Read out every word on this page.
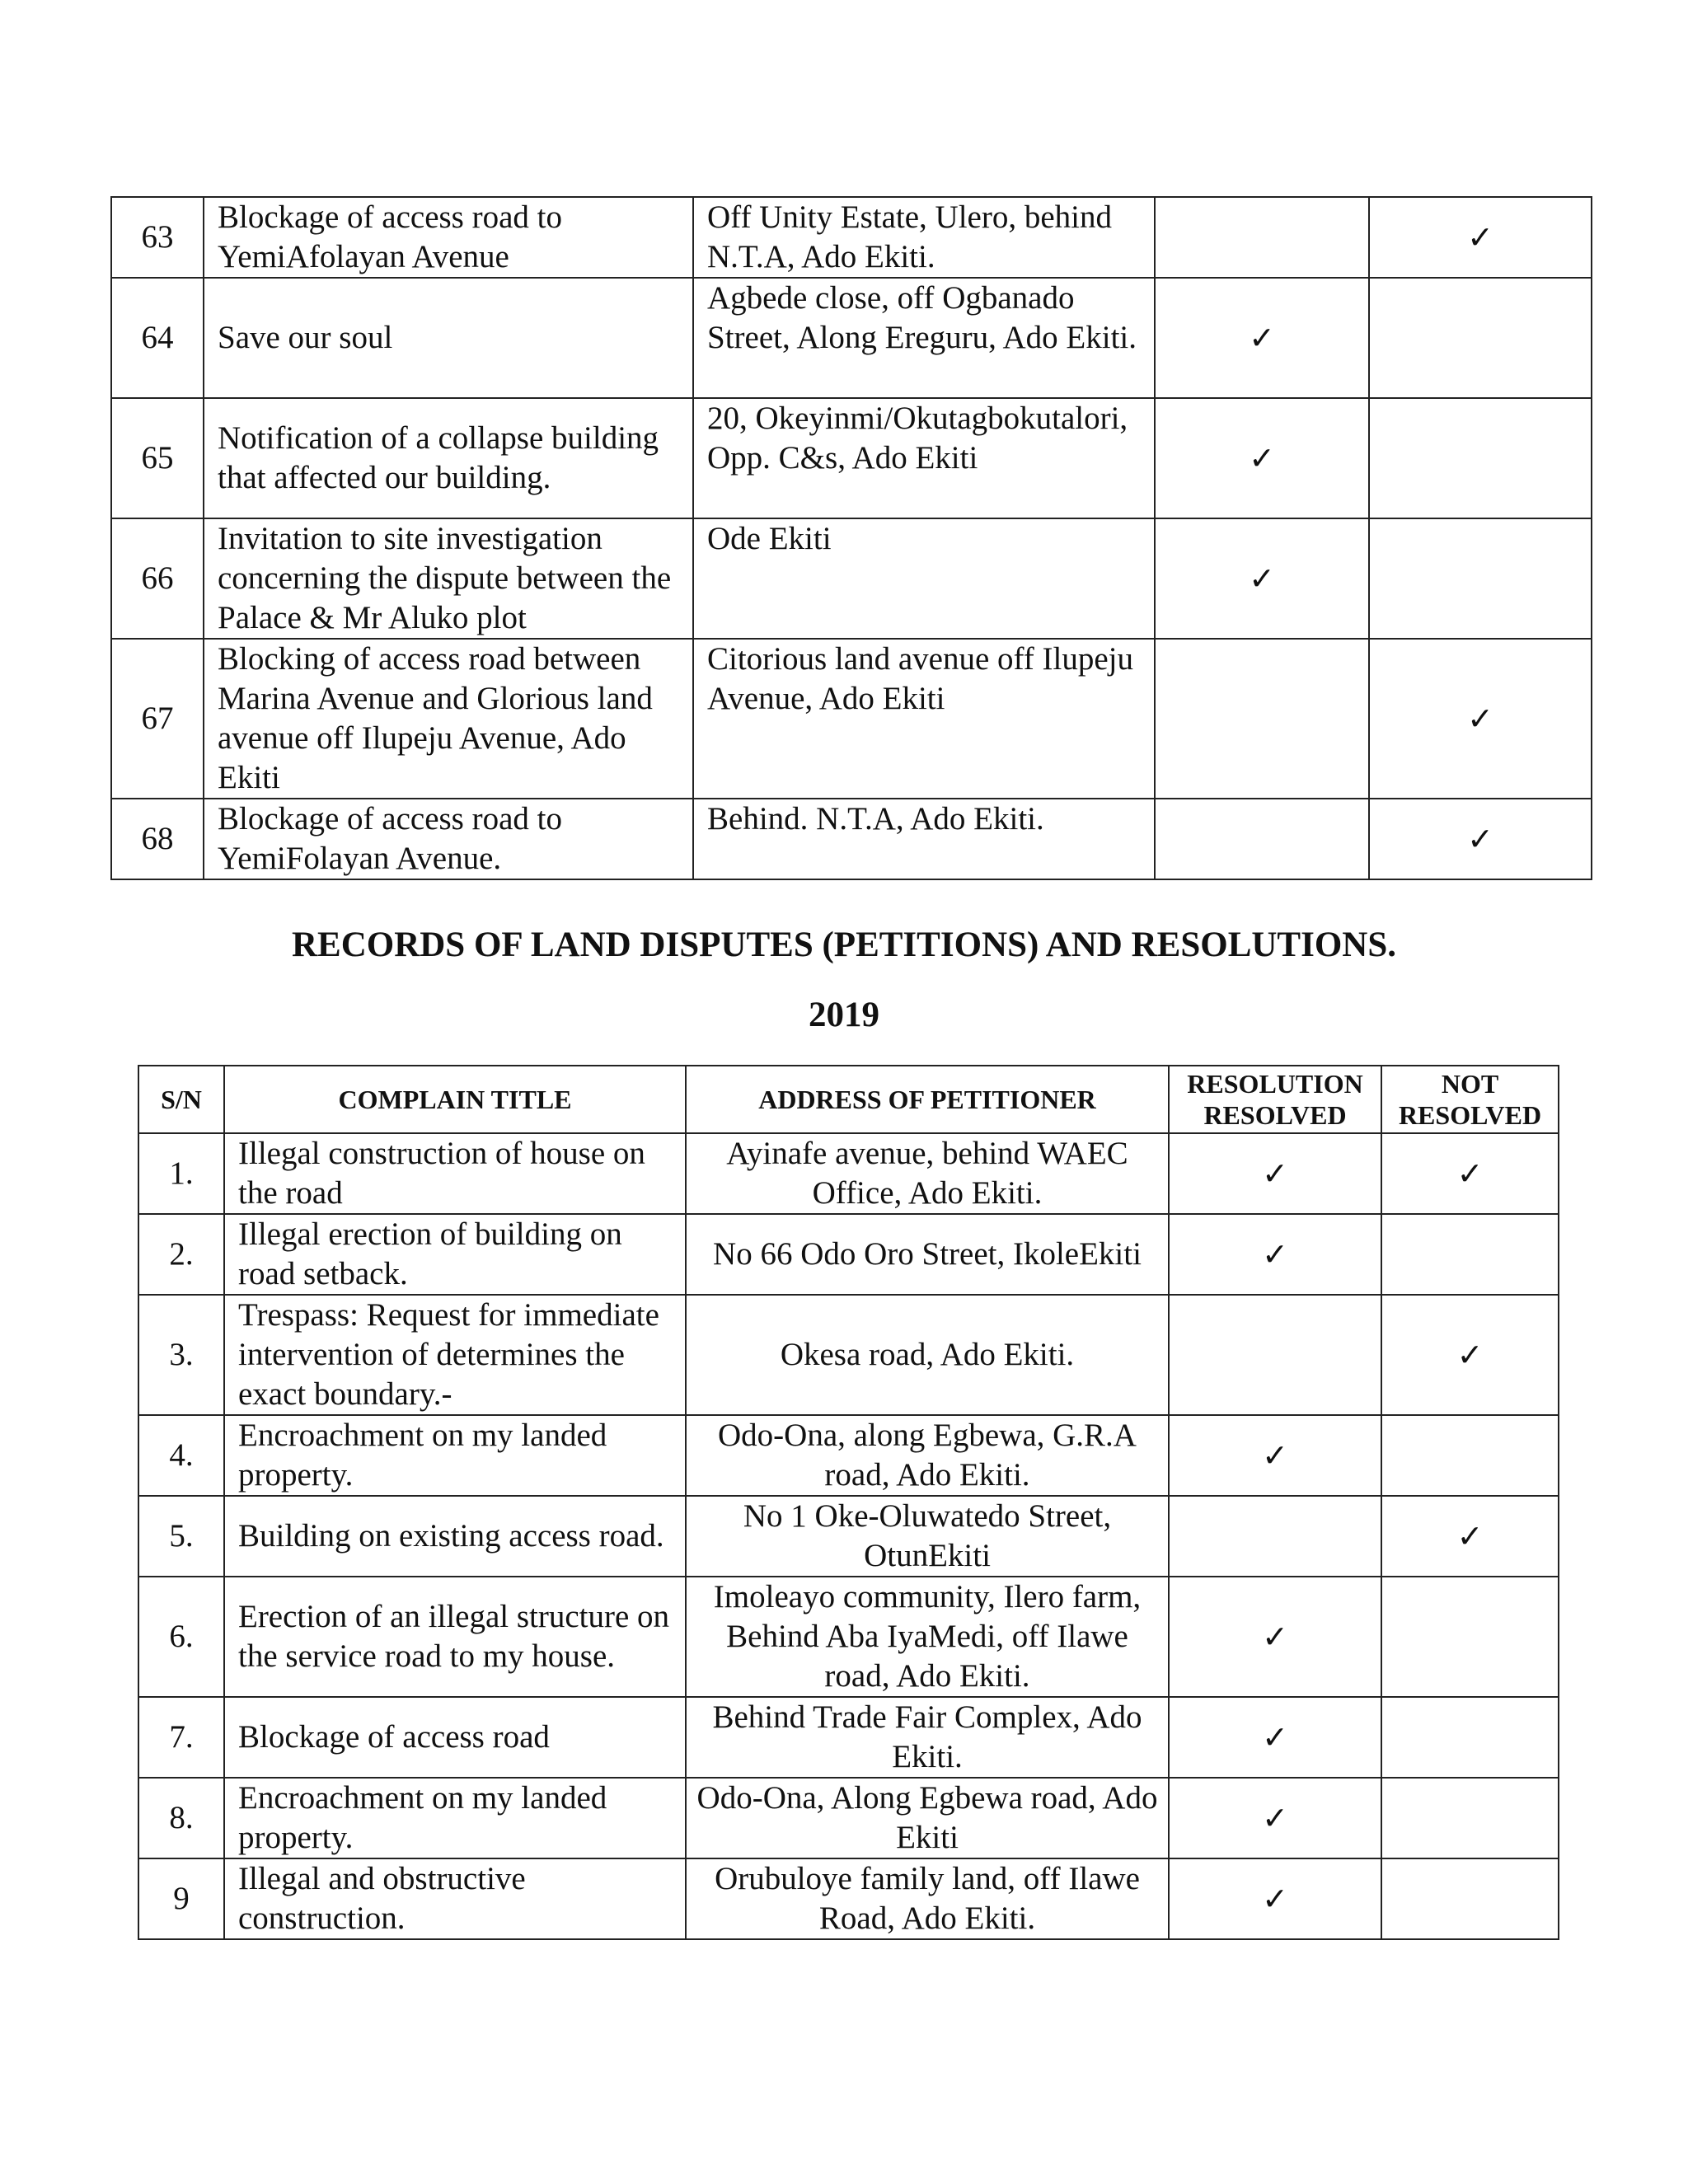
63	Blockage of access road to YemiAfolayan Avenue	Off Unity Estate, Ulero, behind N.T.A, Ado Ekiti.		✓
64	Save our soul	Agbede close, off Ogbanado Street, Along Ereguru, Ado Ekiti.	✓	
65	Notification of a collapse building that affected our building.	20, Okeyinmi/Okutagbokutalori, Opp. C&s, Ado Ekiti	✓	
66	Invitation to site investigation concerning the dispute between the Palace & Mr Aluko plot	Ode Ekiti	✓	
67	Blocking of access road between Marina Avenue and Glorious land avenue off Ilupeju Avenue, Ado Ekiti	Citorious land avenue off Ilupeju Avenue, Ado Ekiti		✓
68	Blockage of access road to YemiFolayan Avenue.	Behind. N.T.A, Ado Ekiti.		✓
RECORDS OF LAND DISPUTES (PETITIONS) AND RESOLUTIONS.
2019
S/N	COMPLAIN TITLE	ADDRESS OF PETITIONER	RESOLUTION RESOLVED	NOT RESOLVED
1.	Illegal construction of house on the road	Ayinafe avenue, behind WAEC Office, Ado Ekiti.	✓	✓
2.	Illegal erection of building on road setback.	No 66 Odo Oro Street, IkoleEkiti	✓	
3.	Trespass: Request for immediate intervention of determines the exact boundary.-	Okesa road, Ado Ekiti.		✓
4.	Encroachment on my landed property.	Odo-Ona, along Egbewa, G.R.A road, Ado Ekiti.	✓	
5.	Building on existing access road.	No 1 Oke-Oluwatedo Street, OtunEkiti		✓
6.	Erection of an illegal structure on the service road to my house.	Imoleayo community, Ilero farm, Behind Aba IyaMedi, off Ilawe road, Ado Ekiti.	✓	
7.	Blockage of access road	Behind Trade Fair Complex, Ado Ekiti.	✓	
8.	Encroachment on my landed property.	Odo-Ona, Along Egbewa road, Ado Ekiti	✓	
9	Illegal and obstructive construction.	Orubuloye family land, off Ilawe Road, Ado Ekiti.	✓	
